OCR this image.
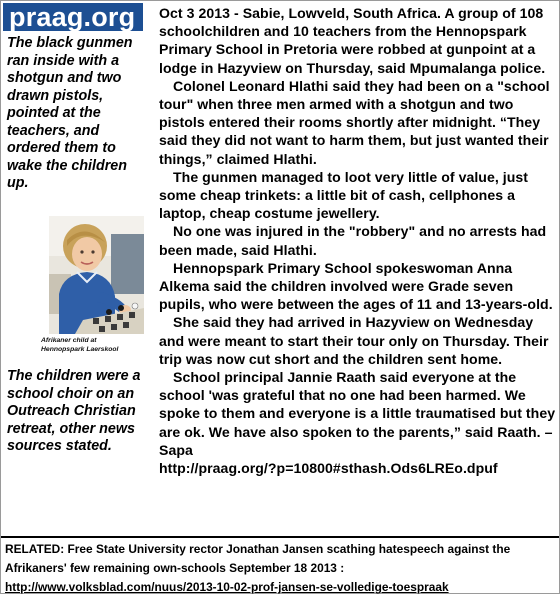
praag.org

The black gunmen ran inside with a shotgun and two drawn pistols, pointed at the teachers, and ordered them to wake the children up.

Afrikaner child at
Hennopspark Laerskool

The children were a school choir on an Outreach Christian retreat, other news sources stated.

Oct 3 2013 - Sabie, Lowveld, South Africa. A group of 108 schoolchildren and 10 teachers from the Hennopspark Primary School in Pretoria were robbed at gunpoint at a lodge in Hazyview on Thursday, said Mpumalanga police.

Colonel Leonard Hlathi said they had been on a "school tour" when three men armed with a shotgun and two pistols entered their rooms shortly after midnight. “They said they did not want to harm them, but just wanted their things,” claimed Hlathi.

The gunmen managed to loot very little of value, just some cheap trinkets: a little bit of cash, cellphones a laptop, cheap costume jewellery.

No one was injured in the "robbery" and no arrests had been made, said Hlathi.

Hennopspark Primary School spokeswoman Anna Alkema said the children involved were Grade seven pupils, who were between the ages of 11 and 13-years-old.

She said they had arrived in Hazyview on Wednesday and were meant to start their tour only on Thursday. Their trip was now cut short and the children sent home.

School principal Jannie Raath said everyone at the school 'was grateful that no one had been harmed. We spoke to them and everyone is a little traumatised but they are ok. We have also spoken to the parents,” said Raath. – Sapa

http://praag.org/?p=10800#sthash.Ods6LREo.dpuf

RELATED: Free State University rector Jonathan Jansen scathing hatespeech against the Afrikaners' few remaining own-schools September 18 2013 :

http://www.volksblad.com/nuus/2013-10-02-prof-jansen-se-volledige-toespraak
